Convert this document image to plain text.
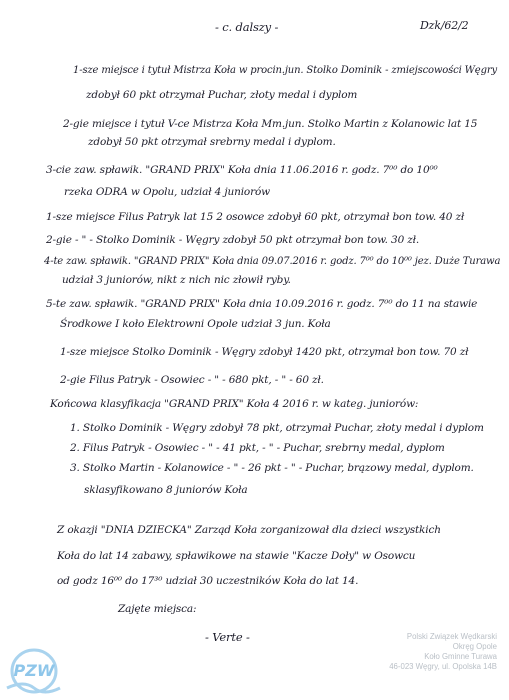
- c. dalszy -	Dzk/62/2
1-sze miejsce i tytuł Mistrza Koła w procin.jun. Stolko Dominik - zmiejscowości Węgry
zdobył 60 pkt otrzymał Puchar, złoty medal i dyplom
2-gie miejsce i tytuł V-ce Mistrza Koła Mm.jun. Stolko Martin z Kolanowic lat 15
zdobył 50 pkt otrzymał srebrny medal i dyplom.
3-cie zaw. spławik. "GRAND PRIX" Koła dnia 11.06.2016 r. godz. 7⁰⁰ do 10⁰⁰
rzeka ODRA w Opolu, udział 4 juniorów
1-sze miejsce Filus Patryk lat 15 2 osowce zdobył 60 pkt, otrzymał bon tow. 40 zł
2-gie - " - Stolko Dominik - Węgry zdobył 50 pkt otrzymał bon tow. 30 zł.
4-te zaw. spławik. "GRAND PRIX" Koła dnia 09.07.2016 r. godz. 7⁰⁰ do 10⁰⁰ jez. Duże Turawa
udział 3 juniorów, nikt z nich nic złowił ryby.
5-te zaw. spławik. "GRAND PRIX" Koła dnia 10.09.2016 r. godz. 7⁰⁰ do 11 na stawie
Środkowe I koło Elektrowni Opole udział 3 jun. Koła
1-sze miejsce Stolko Dominik - Węgry zdobył 1420 pkt, otrzymał bon tow. 70 zł
2-gie Filus Patryk - Osowiec - " - 680 pkt, - " - 60 zł.
Końcowa klasyfikacja "GRAND PRIX" Koła 4 2016 r. w kateg. juniorów:
1. Stolko Dominik - Węgry zdobył 78 pkt, otrzymał Puchar, złoty medal i dyplom
2. Filus Patryk - Osowiec - " - 41 pkt, - " - Puchar, srebrny medal, dyplom
3. Stolko Martin - Kolanowice - " - 26 pkt - " - Puchar, brązowy medal, dyplom.
sklasyfikowano 8 juniorów Koła
Z okazji "DNIA DZIECKA" Zarząd Koła zorganizował dla dzieci wszystkich
Koła do lat 14 zabawy, spławikowe na stawie "Kacze Doły" w Osowcu
od godz 16⁰⁰ do 17³⁰ udział 30 uczestników Koła do lat 14.
Zajęte miejsca:
- Verte -
PZW
Polski Związek Wędkarski
Okręg Opole
Koło Gminne Turawa
46-023 Węgry, ul. Opolska 14B
